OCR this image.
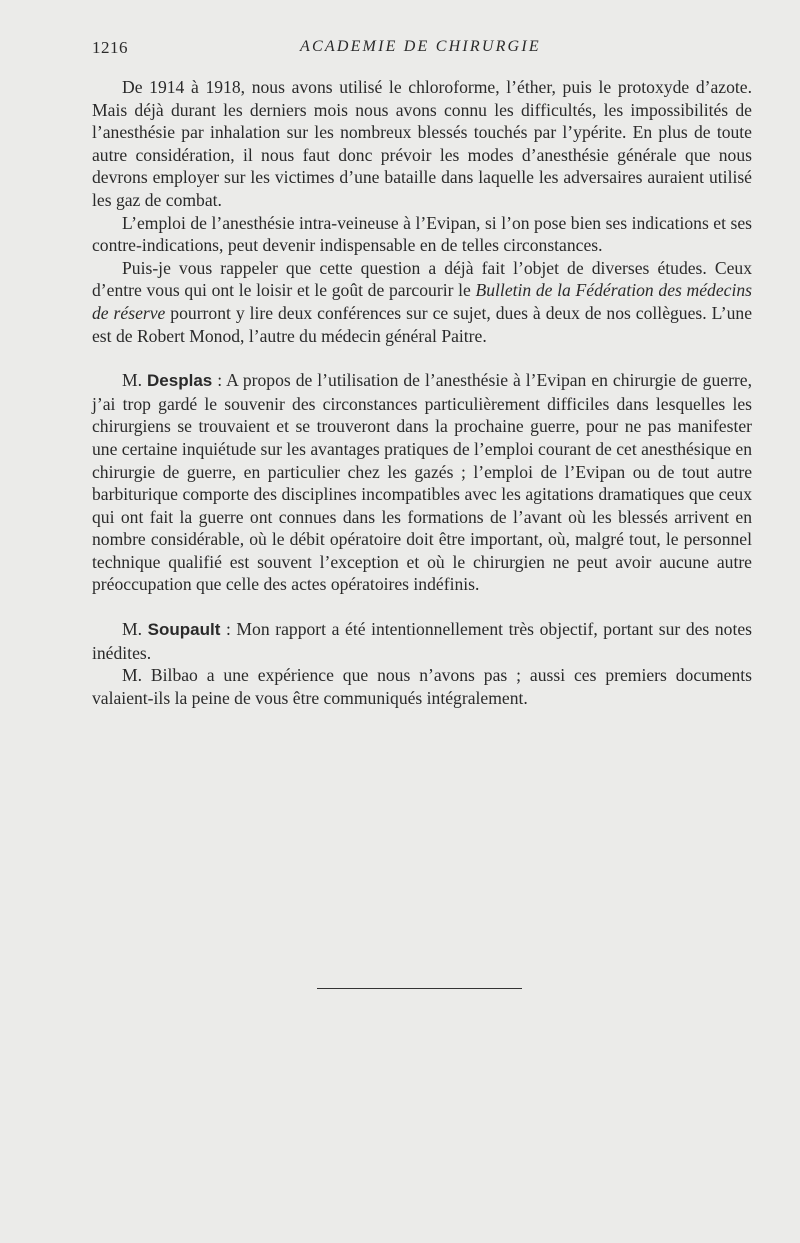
1216	ACADEMIE DE CHIRURGIE

De 1914 à 1918, nous avons utilisé le chloroforme, l’éther, puis le protoxyde d’azote. Mais déjà durant les derniers mois nous avons connu les difficultés, les impossibilités de l’anesthésie par inhalation sur les nombreux blessés touchés par l’ypérite. En plus de toute autre considération, il nous faut donc prévoir les modes d’anesthésie générale que nous devrons employer sur les victimes d’une bataille dans laquelle les adversaires auraient utilisé les gaz de combat.

L’emploi de l’anesthésie intra-veineuse à l’Evipan, si l’on pose bien ses indications et ses contre-indications, peut devenir indispensable en de telles circonstances.

Puis-je vous rappeler que cette question a déjà fait l’objet de diverses études. Ceux d’entre vous qui ont le loisir et le goût de parcourir le Bulletin de la Fédération des médecins de réserve pourront y lire deux conférences sur ce sujet, dues à deux de nos collègues. L’une est de Robert Monod, l’autre du médecin général Paitre.

M. Desplas : A propos de l’utilisation de l’anesthésie à l’Evipan en chirurgie de guerre, j’ai trop gardé le souvenir des circonstances particulièrement difficiles dans lesquelles les chirurgiens se trouvaient et se trouveront dans la prochaine guerre, pour ne pas manifester une certaine inquiétude sur les avantages pratiques de l’emploi courant de cet anesthésique en chirurgie de guerre, en particulier chez les gazés ; l’emploi de l’Evipan ou de tout autre barbiturique comporte des disciplines incompatibles avec les agitations dramatiques que ceux qui ont fait la guerre ont connues dans les formations de l’avant où les blessés arrivent en nombre considérable, où le débit opératoire doit être important, où, malgré tout, le personnel technique qualifié est souvent l’exception et où le chirurgien ne peut avoir aucune autre préoccupation que celle des actes opératoires indéfinis.

M. Soupault : Mon rapport a été intentionnellement très objectif, portant sur des notes inédites.

M. Bilbao a une expérience que nous n’avons pas ; aussi ces premiers documents valaient-ils la peine de vous être communiqués intégralement.
